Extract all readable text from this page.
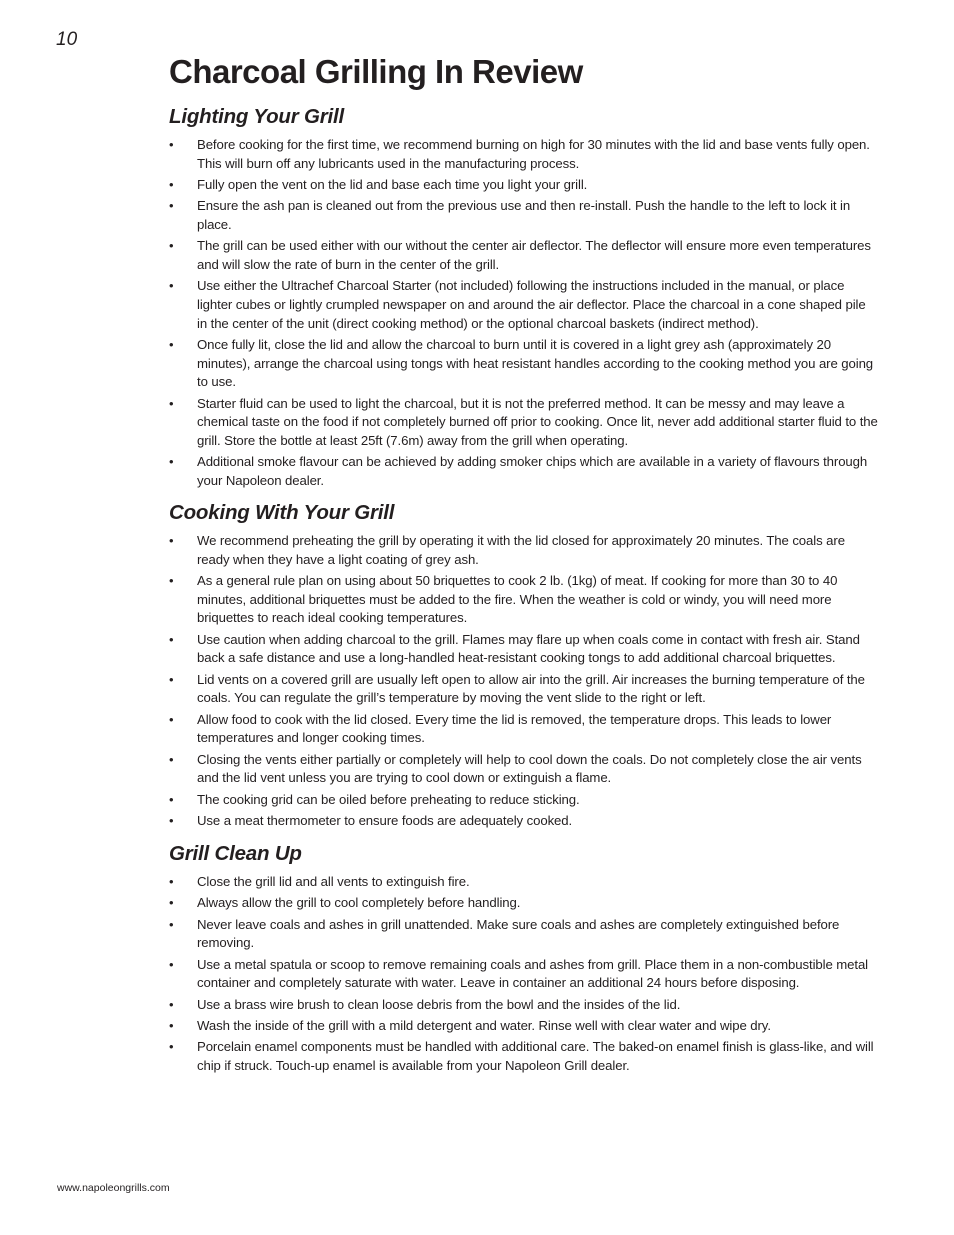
10
Charcoal Grilling In Review
Lighting Your Grill
• Before cooking for the first time, we recommend burning on high for 30 minutes with the lid and base vents fully open. This will burn off any lubricants used in the manufacturing process.
• Fully open the vent on the lid and base each time you light your grill.
• Ensure the ash pan is cleaned out from the previous use and then re-install. Push the handle to the left to lock it in place.
• The grill can be used either with our without the center air deflector. The deflector will ensure more even temperatures and will slow the rate of burn in the center of the grill.
• Use either the Ultrachef Charcoal Starter (not included) following the instructions included in the manual, or place lighter cubes or lightly crumpled newspaper on and around the air deflector. Place the charcoal in a cone shaped pile in the center of the unit (direct cooking method) or the optional charcoal baskets (indirect method).
• Once fully lit, close the lid and allow the charcoal to burn until it is covered in a light grey ash (approximately 20 minutes), arrange the charcoal using tongs with heat resistant handles according to the cooking method you are going to use.
• Starter fluid can be used to light the charcoal, but it is not the preferred method. It can be messy and may leave a chemical taste on the food if not completely burned off prior to cooking. Once lit, never add additional starter fluid to the grill. Store the bottle at least 25ft (7.6m) away from the grill when operating.
• Additional smoke flavour can be achieved by adding smoker chips which are available in a variety of flavours through your Napoleon dealer.
Cooking With Your Grill
• We recommend preheating the grill by operating it with the lid closed for approximately 20 minutes. The coals are ready when they have a light coating of grey ash.
• As a general rule plan on using about 50 briquettes to cook 2 lb. (1kg) of meat. If cooking for more than 30 to 40 minutes, additional briquettes must be added to the fire. When the weather is cold or windy, you will need more briquettes to reach ideal cooking temperatures.
• Use caution when adding charcoal to the grill. Flames may flare up when coals come in contact with fresh air. Stand back a safe distance and use a long-handled heat-resistant cooking tongs to add additional charcoal briquettes.
• Lid vents on a covered grill are usually left open to allow air into the grill. Air increases the burning temperature of the coals. You can regulate the grill’s temperature by moving the vent slide to the right or left.
• Allow food to cook with the lid closed. Every time the lid is removed, the temperature drops. This leads to lower temperatures and longer cooking times.
• Closing the vents either partially or completely will help to cool down the coals. Do not completely close the air vents and the lid vent unless you are trying to cool down or extinguish a flame.
• The cooking grid can be oiled before preheating to reduce sticking.
• Use a meat thermometer to ensure foods are adequately cooked.
Grill Clean Up
• Close the grill lid and all vents to extinguish fire.
• Always allow the grill to cool completely before handling.
• Never leave coals and ashes in grill unattended. Make sure coals and ashes are completely extinguished before removing.
• Use a metal spatula or scoop to remove remaining coals and ashes from grill. Place them in a non-combustible metal container and completely saturate with water. Leave in container an additional 24 hours before disposing.
• Use a brass wire brush to clean loose debris from the bowl and the insides of the lid.
• Wash the inside of the grill with a mild detergent and water. Rinse well with clear water and wipe dry.
• Porcelain enamel components must be handled with additional care. The baked-on enamel finish is glass-like, and will chip if struck. Touch-up enamel is available from your Napoleon Grill dealer.
www.napoleongrills.com
